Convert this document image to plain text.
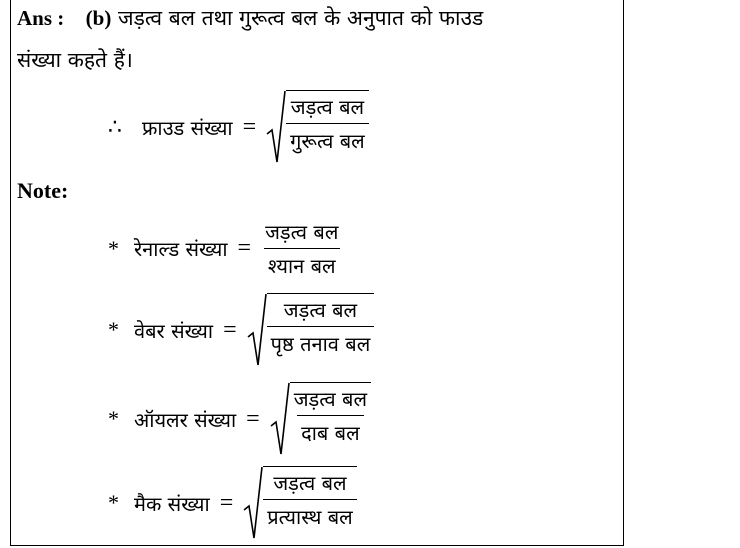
Ans : (b) जड़त्व बल तथा गुरूत्व बल के अनुपात को फाउड
संख्या कहते हैं।
∴	फ्राउड संख्या = $\frac{\text{जड़त्व बल}}{\text{गुरूत्व बल}}$
Note:
* रेनाल्ड संख्या = $\frac{\text{जड़त्व बल}}{\text{श्यान बल}}$
* वेबर संख्या = $\frac{\text{जड़त्व बल}}{\text{पृष्ठ तनाव बल}}$
* ऑयलर संख्या = $\frac{\text{जड़त्व बल}}{\text{दाब बल}}$
* मैक संख्या = $\frac{\text{जड़त्व बल}}{\text{प्रत्यास्थ बल}}$
